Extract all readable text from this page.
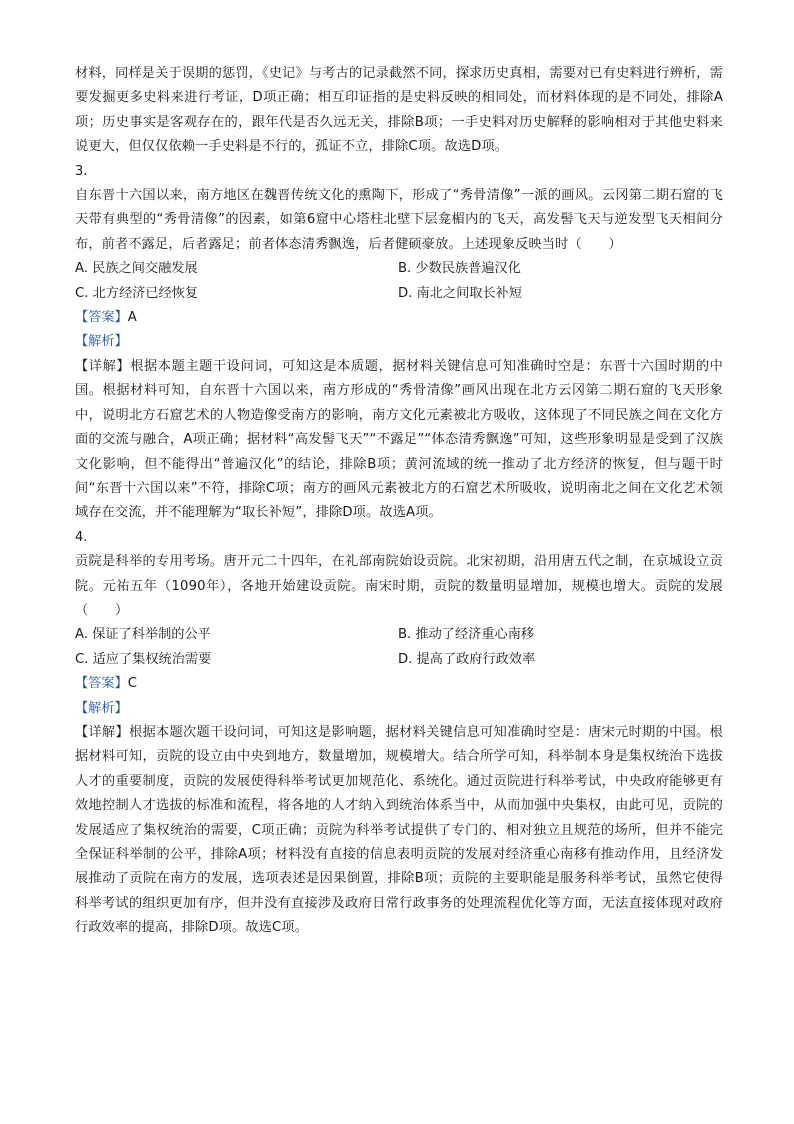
材料，同样是关于误期的惩罚，《史记》与考古的记录截然不同，探求历史真相，需要对已有史料进行辨析，需要发掘更多史料来进行考证，D项正确；相互印证指的是史料反映的相同处，而材料体现的是不同处，排除A项；历史事实是客观存在的，跟年代是否久远无关，排除B项；一手史料对历史解释的影响相对于其他史料来说更大，但仅仅依赖一手史料是不行的，孤证不立，排除C项。故选D项。

3.

自东晋十六国以来，南方地区在魏晋传统文化的熏陶下，形成了“秀骨清像”一派的画风。云冈第二期石窟的飞天带有典型的“秀骨清像”的因素，如第6窟中心塔柱北壁下层龛楣内的飞天，高发髻飞天与逆发型飞天相间分布，前者不露足，后者露足；前者体态清秀飘逸，后者健硕豪放。上述现象反映当时（　　）

A. 民族之间交融发展	B. 少数民族普遍汉化
C. 北方经济已经恢复	D. 南北之间取长补短

【答案】A

【解析】

【详解】根据本题主题干设问词，可知这是本质题，据材料关键信息可知准确时空是：东晋十六国时期的中国。根据材料可知，自东晋十六国以来，南方形成的“秀骨清像”画风出现在北方云冈第二期石窟的飞天形象中，说明北方石窟艺术的人物造像受南方的影响，南方文化元素被北方吸收，这体现了不同民族之间在文化方面的交流与融合，A项正确；据材料“高发髻飞天”“不露足”“体态清秀飘逸”可知，这些形象明显是受到了汉族文化影响，但不能得出“普遍汉化”的结论，排除B项；黄河流域的统一推动了北方经济的恢复，但与题干时间“东晋十六国以来”不符，排除C项；南方的画风元素被北方的石窟艺术所吸收，说明南北之间在文化艺术领域存在交流，并不能理解为“取长补短”，排除D项。故选A项。

4.

贡院是科举的专用考场。唐开元二十四年，在礼部南院始设贡院。北宋初期，沿用唐五代之制，在京城设立贡院。元祐五年（1090年），各地开始建设贡院。南宋时期，贡院的数量明显增加，规模也增大。贡院的发展（　　）

A. 保证了科举制的公平	B. 推动了经济重心南移
C. 适应了集权统治需要	D. 提高了政府行政效率

【答案】C

【解析】

【详解】根据本题次题干设问词，可知这是影响题，据材料关键信息可知准确时空是：唐宋元时期的中国。根据材料可知，贡院的设立由中央到地方，数量增加，规模增大。结合所学可知，科举制本身是集权统治下选拔人才的重要制度，贡院的发展使得科举考试更加规范化、系统化。通过贡院进行科举考试，中央政府能够更有效地控制人才选拔的标准和流程，将各地的人才纳入到统治体系当中，从而加强中央集权，由此可见，贡院的发展适应了集权统治的需要，C项正确；贡院为科举考试提供了专门的、相对独立且规范的场所，但并不能完全保证科举制的公平，排除A项；材料没有直接的信息表明贡院的发展对经济重心南移有推动作用，且经济发展推动了贡院在南方的发展，选项表述是因果倒置，排除B项；贡院的主要职能是服务科举考试，虽然它使得科举考试的组织更加有序，但并没有直接涉及政府日常行政事务的处理流程优化等方面，无法直接体现对政府行政效率的提高，排除D项。故选C项。
